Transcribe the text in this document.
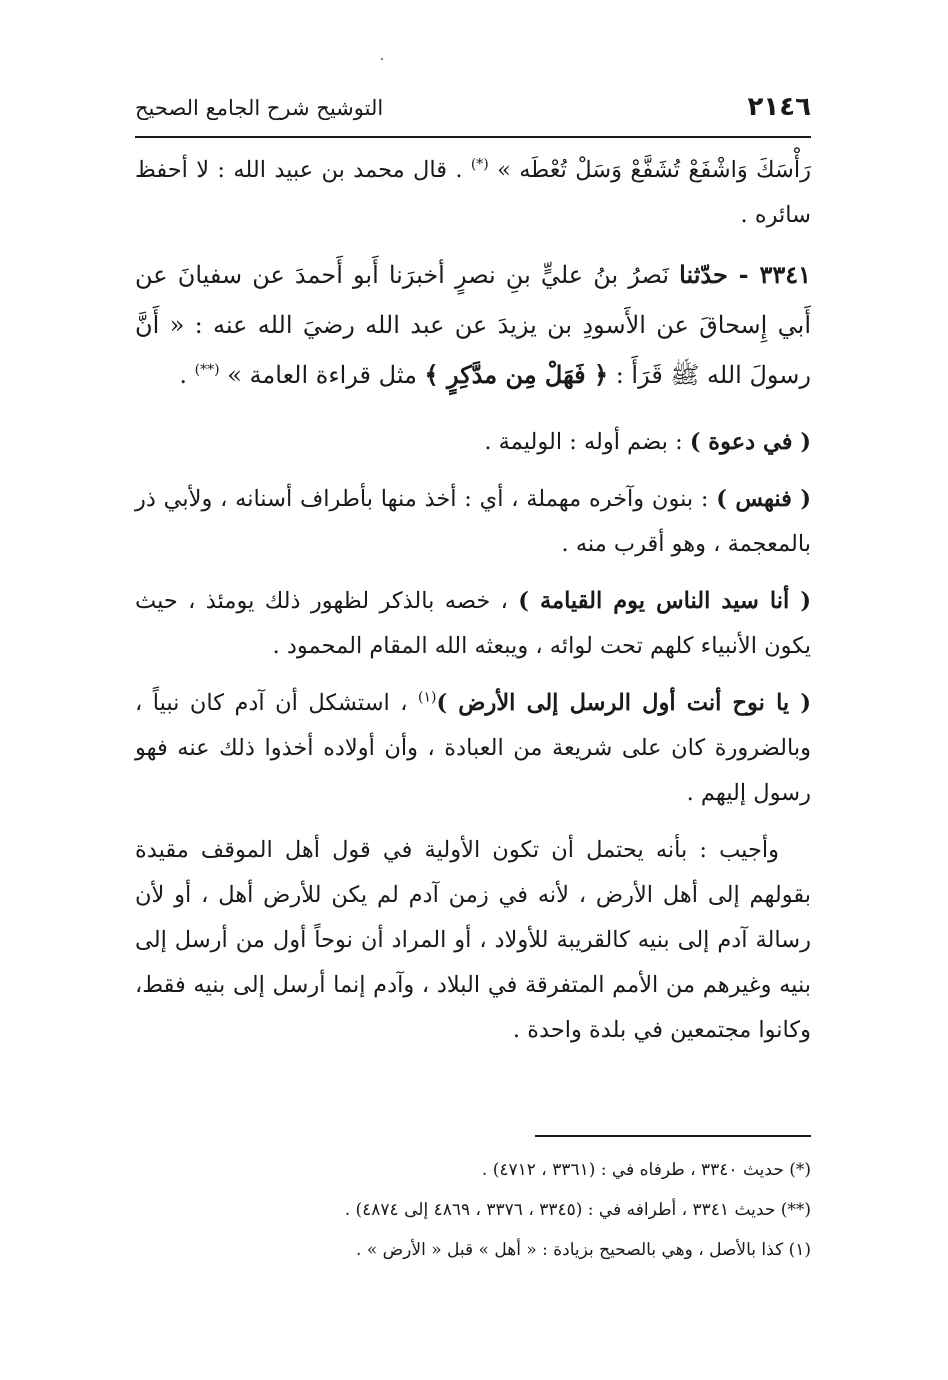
٢١٤٦
التوشيح شرح الجامع الصحيح

رَأْسَكَ وَاشْفَعْ تُشَفَّعْ وَسَلْ تُعْطَه » (*) . قال محمد بن عبيد الله : لا أحفظ سائره .

٣٣٤١ - حدّثنا نَصرُ بنُ عليٍّ بنِ نصرٍ أخبرَنا أَبو أَحمدَ عن سفيانَ عن أَبي إِسحاقَ عن الأَسودِ بن يزيدَ عن عبد الله رضيَ الله عنه : « أَنَّ رسولَ الله ﷺ قَرَأَ : ﴿ فَهَلْ مِن مدَّكِرٍ ﴾ مثل قراءة العامة » (**) .

( في دعوة ) : بضم أوله : الوليمة .

( فنهس ) : بنون وآخره مهملة ، أي : أخذ منها بأطراف أسنانه ، ولأبي ذر بالمعجمة ، وهو أقرب منه .

( أنا سيد الناس يوم القيامة ) ، خصه بالذكر لظهور ذلك يومئذ ، حيث يكون الأنبياء كلهم تحت لوائه ، ويبعثه الله المقام المحمود .

( يا نوح أنت أول الرسل إلى الأرض )$^{(١)}$ ، استشكل أن آدم كان نبياً ، وبالضرورة كان على شريعة من العبادة ، وأن أولاده أخذوا ذلك عنه فهو رسول إليهم .

وأجيب : بأنه يحتمل أن تكون الأولية في قول أهل الموقف مقيدة بقولهم إلى أهل الأرض ، لأنه في زمن آدم لم يكن للأرض أهل ، أو لأن رسالة آدم إلى بنيه كالقريبة للأولاد ، أو المراد أن نوحاً أول من أرسل إلى بنيه وغيرهم من الأمم المتفرقة في البلاد ، وآدم إنما أرسل إلى بنيه فقط، وكانوا مجتمعين في بلدة واحدة .

(*) حديث ٣٣٤٠ ، طرفاه في : (٣٣٦١ ، ٤٧١٢) .

(**) حديث ٣٣٤١ ، أطرافه في : (٣٣٤٥ ، ٣٣٧٦ ، ٤٨٦٩ إلى ٤٨٧٤) .

(١) كذا بالأصل ، وهي بالصحيح بزيادة : « أهل » قبل « الأرض » .
